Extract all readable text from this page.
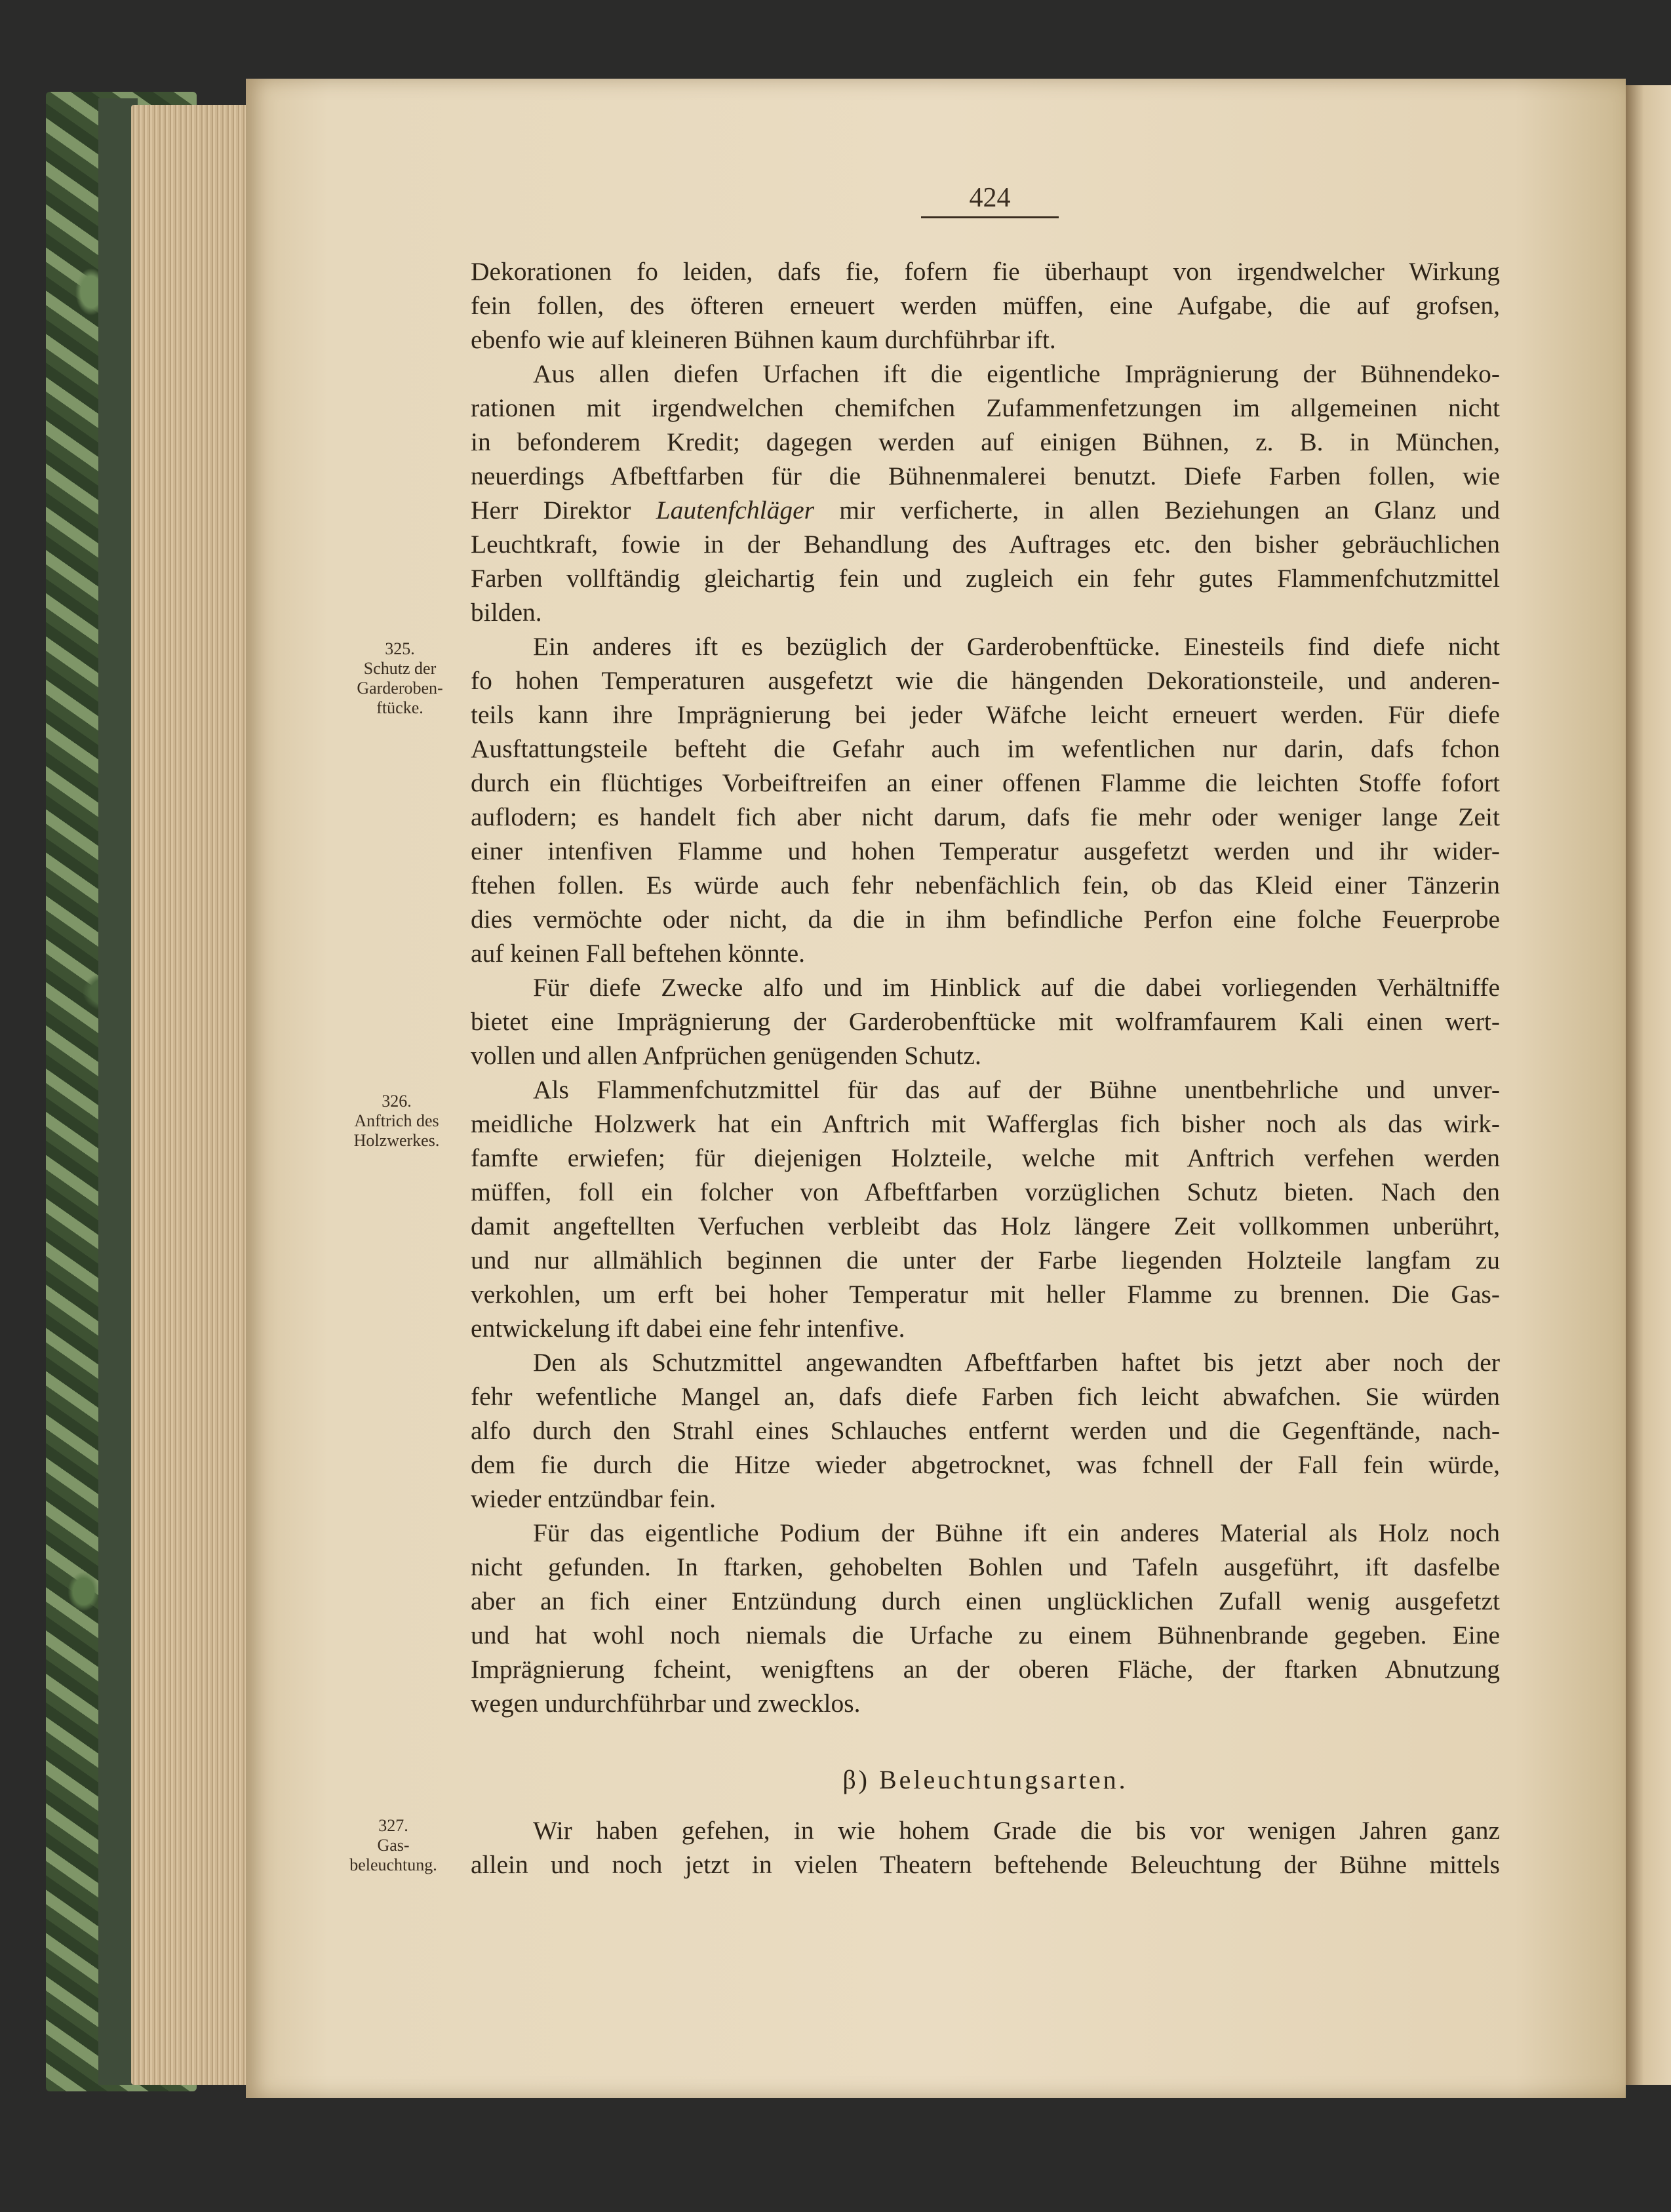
424
325.
Schutz der
Garderoben-
ftücke.
326.
Anftrich des
Holzwerkes.
327.
Gas-
beleuchtung.
Dekorationen fo leiden, dafs fie, fofern fie überhaupt von irgendwelcher Wirkung
fein follen, des öfteren erneuert werden müffen, eine Aufgabe, die auf grofsen,
ebenfo wie auf kleineren Bühnen kaum durchführbar ift.
Aus allen diefen Urfachen ift die eigentliche Imprägnierung der Bühnendeko-
rationen mit irgendwelchen chemifchen Zufammenfetzungen im allgemeinen nicht
in befonderem Kredit; dagegen werden auf einigen Bühnen, z. B. in München,
neuerdings Afbeftfarben für die Bühnenmalerei benutzt. Diefe Farben follen, wie
Herr Direktor Lautenfchläger mir verficherte, in allen Beziehungen an Glanz und
Leuchtkraft, fowie in der Behandlung des Auftrages etc. den bisher gebräuchlichen
Farben vollftändig gleichartig fein und zugleich ein fehr gutes Flammenfchutzmittel
bilden.
Ein anderes ift es bezüglich der Garderobenftücke. Einesteils find diefe nicht
fo hohen Temperaturen ausgefetzt wie die hängenden Dekorationsteile, und anderen-
teils kann ihre Imprägnierung bei jeder Wäfche leicht erneuert werden. Für diefe
Ausftattungsteile befteht die Gefahr auch im wefentlichen nur darin, dafs fchon
durch ein flüchtiges Vorbeiftreifen an einer offenen Flamme die leichten Stoffe fofort
auflodern; es handelt fich aber nicht darum, dafs fie mehr oder weniger lange Zeit
einer intenfiven Flamme und hohen Temperatur ausgefetzt werden und ihr wider-
ftehen follen. Es würde auch fehr nebenfächlich fein, ob das Kleid einer Tänzerin
dies vermöchte oder nicht, da die in ihm befindliche Perfon eine folche Feuerprobe
auf keinen Fall beftehen könnte.
Für diefe Zwecke alfo und im Hinblick auf die dabei vorliegenden Verhältniffe
bietet eine Imprägnierung der Garderobenftücke mit wolframfaurem Kali einen wert-
vollen und allen Anfprüchen genügenden Schutz.
Als Flammenfchutzmittel für das auf der Bühne unentbehrliche und unver-
meidliche Holzwerk hat ein Anftrich mit Wafferglas fich bisher noch als das wirk-
famfte erwiefen; für diejenigen Holzteile, welche mit Anftrich verfehen werden
müffen, foll ein folcher von Afbeftfarben vorzüglichen Schutz bieten. Nach den
damit angeftellten Verfuchen verbleibt das Holz längere Zeit vollkommen unberührt,
und nur allmählich beginnen die unter der Farbe liegenden Holzteile langfam zu
verkohlen, um erft bei hoher Temperatur mit heller Flamme zu brennen. Die Gas-
entwickelung ift dabei eine fehr intenfive.
Den als Schutzmittel angewandten Afbeftfarben haftet bis jetzt aber noch der
fehr wefentliche Mangel an, dafs diefe Farben fich leicht abwafchen. Sie würden
alfo durch den Strahl eines Schlauches entfernt werden und die Gegenftände, nach-
dem fie durch die Hitze wieder abgetrocknet, was fchnell der Fall fein würde,
wieder entzündbar fein.
Für das eigentliche Podium der Bühne ift ein anderes Material als Holz noch
nicht gefunden. In ftarken, gehobelten Bohlen und Tafeln ausgeführt, ift dasfelbe
aber an fich einer Entzündung durch einen unglücklichen Zufall wenig ausgefetzt
und hat wohl noch niemals die Urfache zu einem Bühnenbrande gegeben. Eine
Imprägnierung fcheint, wenigftens an der oberen Fläche, der ftarken Abnutzung
wegen undurchführbar und zwecklos.
β) Beleuchtungsarten.
Wir haben gefehen, in wie hohem Grade die bis vor wenigen Jahren ganz
allein und noch jetzt in vielen Theatern beftehende Beleuchtung der Bühne mittels
